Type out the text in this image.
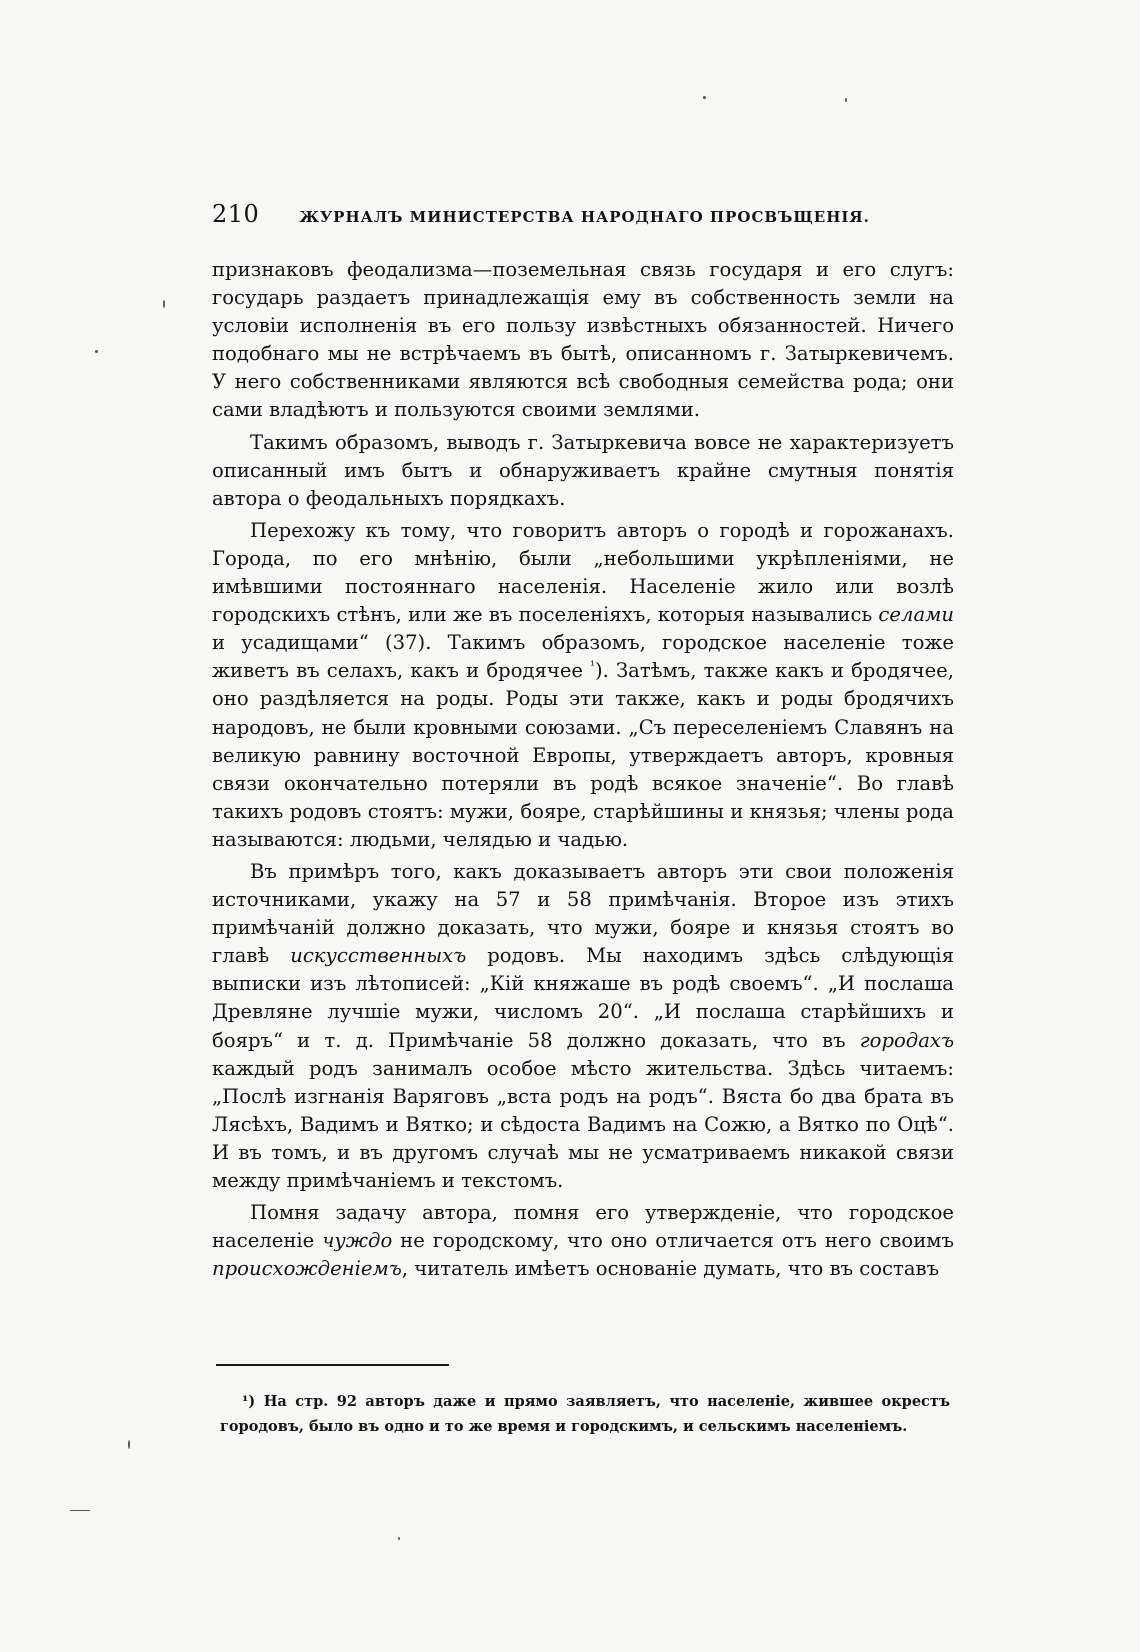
210	ЖУРНАЛЪ МИНИСТЕРСТВА НАРОДНАГО ПРОСВЪЩЕНІЯ.

признаковъ феодализма—поземельная связь государя и его слугъ: государь раздаетъ принадлежащія ему въ собственность земли на условіи исполненія въ его пользу извѣстныхъ обязанностей. Ничего подобнаго мы не встрѣчаемъ въ бытѣ, описанномъ г. Затыркевичемъ. У него собственниками являются всѣ свободныя семейства рода; они сами владѣютъ и пользуются своими землями.

Такимъ образомъ, выводъ г. Затыркевича вовсе не характеризуетъ описанный имъ бытъ и обнаруживаетъ крайне смутныя понятія автора о феодальныхъ порядкахъ.

Перехожу къ тому, что говоритъ авторъ о городѣ и горожанахъ. Города, по его мнѣнію, были „небольшими укрѣпленіями, не имѣвшими постояннаго населенія. Населеніе жило или возлѣ городскихъ стѣнъ, или же въ поселеніяхъ, которыя назывались селами и усадищами“ (37). Такимъ образомъ, городское населеніе тоже живетъ въ селахъ, какъ и бродячее $^{^1}$). Затѣмъ, также какъ и бродячее, оно раздѣляется на роды. Роды эти также, какъ и роды бродячихъ народовъ, не были кровными союзами. „Съ переселеніемъ Славянъ на великую равнину восточной Европы, утверждаетъ авторъ, кровныя связи окончательно потеряли въ родѣ всякое значеніе“. Во главѣ такихъ родовъ стоятъ: мужи, бояре, старѣйшины и князья; члены рода называются: людьми, челядью и чадью.

Въ примѣръ того, какъ доказываетъ авторъ эти свои положенія источниками, укажу на 57 и 58 примѣчанія. Второе изъ этихъ примѣчаній должно доказать, что мужи, бояре и князья стоятъ во главѣ искусственныхъ родовъ. Мы находимъ здѣсь слѣдующія выписки изъ лѣтописей: „Кій княжаше въ родѣ своемъ“. „И послаша Древляне лучшіе мужи, числомъ 20“. „И послаша старѣйшихъ и бояръ“ и т. д. Примѣчаніе 58 должно доказать, что въ городахъ каждый родъ занималъ особое мѣсто жительства. Здѣсь читаемъ: „Послѣ изгнанія Варяговъ „вста родъ на родъ“. Вяста бо два брата въ Лясѣхъ, Вадимъ и Вятко; и сѣдоста Вадимъ на Сожю, а Вятко по Оцѣ“. И въ томъ, и въ другомъ случаѣ мы не усматриваемъ никакой связи между примѣчаніемъ и текстомъ.

Помня задачу автора, помня его утвержденіе, что городское населеніе чуждо не городскому, что оно отличается отъ него своимъ происхожденіемъ, читатель имѣетъ основаніе думать, что въ составъ

¹) На стр. 92 авторъ даже и прямо заявляетъ, что населеніе, жившее окрестъ городовъ, было въ одно и то же время и городскимъ, и сельскимъ населеніемъ.
